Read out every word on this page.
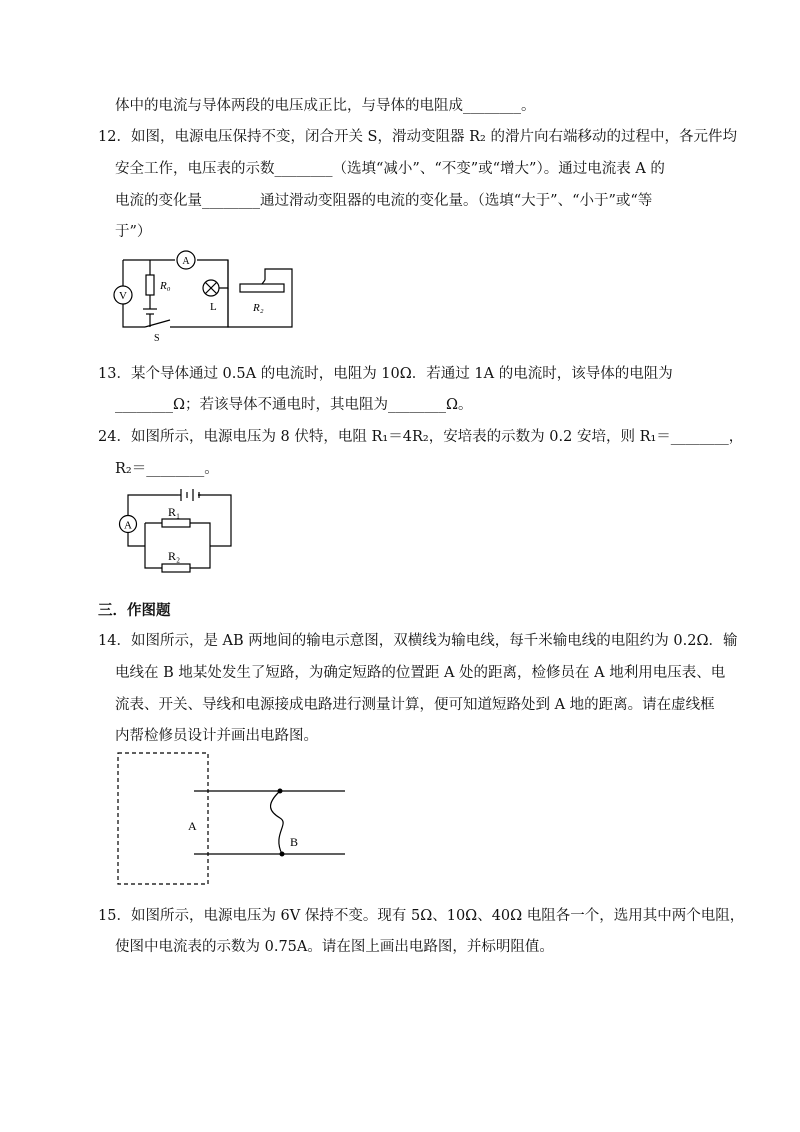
体中的电流与导体两段的电压成正比，与导体的电阻成________。
12．如图，电源电压保持不变，闭合开关 S，滑动变阻器 R₂ 的滑片向右端移动的过程中，各元件均
安全工作，电压表的示数________（选填“减小”、“不变”或“增大”）。通过电流表 A 的
电流的变化量________通过滑动变阻器的电流的变化量。（选填“大于”、“小于”或“等
于”）
V
A
R₀
L	R₂
S
13．某个导体通过 0.5A 的电流时，电阻为 10Ω．若通过 1A 的电流时，该导体的电阻为
________Ω；若该导体不通电时，其电阻为________Ω。
24．如图所示，电源电压为 8 伏特，电阻 R₁＝4R₂，安培表的示数为 0.2 安培，则 R₁＝________，
R₂＝________。
A
R₁
R₂
三．作图题
14．如图所示，是 AB 两地间的输电示意图，双横线为输电线，每千米输电线的电阻约为 0.2Ω．输
电线在 B 地某处发生了短路，为确定短路的位置距 A 处的距离，检修员在 A 地利用电压表、电
流表、开关、导线和电源接成电路进行测量计算，便可知道短路处到 A 地的距离。请在虚线框
内帮检修员设计并画出电路图。
A
B
15．如图所示，电源电压为 6V 保持不变。现有 5Ω、10Ω、40Ω 电阻各一个，选用其中两个电阻，
使图中电流表的示数为 0.75A。请在图上画出电路图，并标明阻值。
